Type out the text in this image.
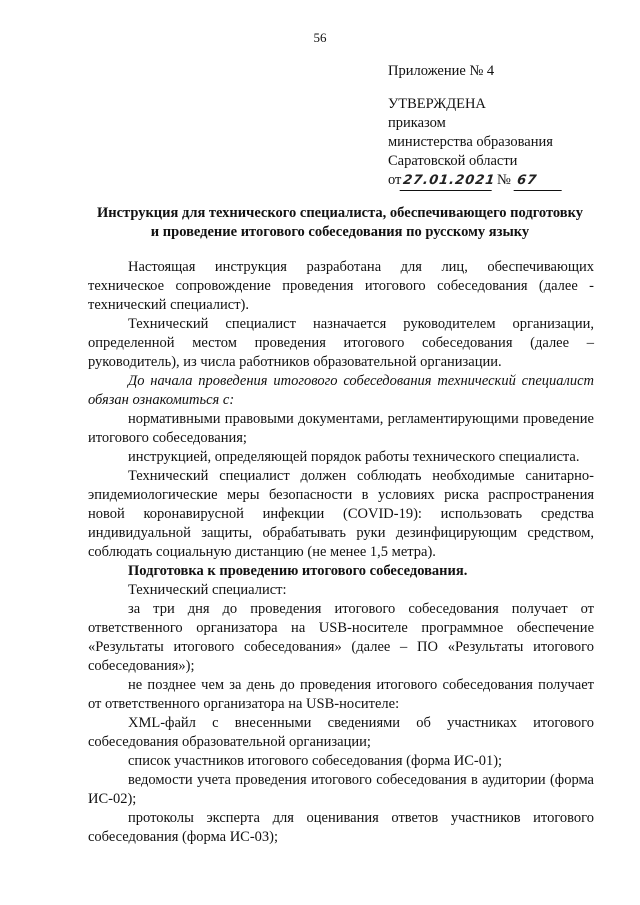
56
Приложение № 4
УТВЕРЖДЕНА
приказом
министерства образования
Саратовской области
от27.01.2021 № 67
Инструкция для технического специалиста, обеспечивающего подготовку и проведение итогового собеседования по русскому языку

Настоящая инструкция разработана для лиц, обеспечивающих техническое сопровождение проведения итогового собеседования (далее - технический специалист).

Технический специалист назначается руководителем организации, определенной местом проведения итогового собеседования (далее – руководитель), из числа работников образовательной организации.

До начала проведения итогового собеседования технический специалист обязан ознакомиться с:

нормативными правовыми документами, регламентирующими проведение итогового собеседования;

инструкцией, определяющей порядок работы технического специалиста.

Технический специалист должен соблюдать необходимые санитарно-эпидемиологические меры безопасности в условиях риска распространения новой коронавирусной инфекции (COVID-19): использовать средства индивидуальной защиты, обрабатывать руки дезинфицирующим средством, соблюдать социальную дистанцию (не менее 1,5 метра).

Подготовка к проведению итогового собеседования.

Технический специалист:

за три дня до проведения итогового собеседования получает от ответственного организатора на USB-носителе программное обеспечение «Результаты итогового собеседования» (далее – ПО «Результаты итогового собеседования»);

не позднее чем за день до проведения итогового собеседования получает от ответственного организатора на USB-носителе:

XML-файл с внесенными сведениями об участниках итогового собеседования образовательной организации;

список участников итогового собеседования (форма ИС-01);

ведомости учета проведения итогового собеседования в аудитории (форма ИС-02);

протоколы эксперта для оценивания ответов участников итогового собеседования (форма ИС-03);
